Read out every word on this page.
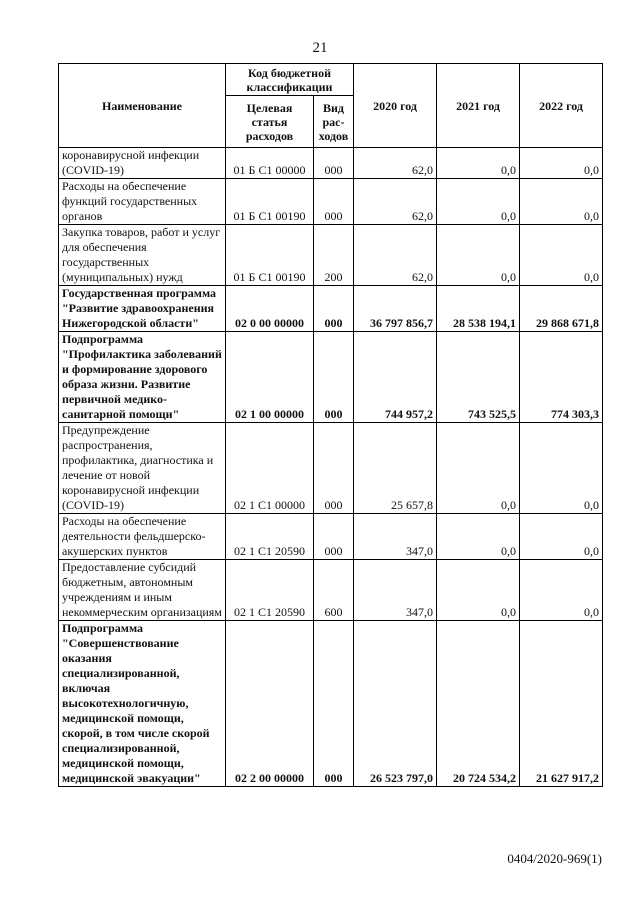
21
Наименование	Код бюджетной классификации		2020 год	2021 год	2022 год
	Целевая статья расходов	Вид рас-ходов			
коронавирусной инфекции (COVID-19)	01 Б С1 00000	000	62,0	0,0	0,0
Расходы на обеспечение функций государственных органов	01 Б С1 00190	000	62,0	0,0	0,0
Закупка товаров, работ и услуг для обеспечения государственных (муниципальных) нужд	01 Б С1 00190	200	62,0	0,0	0,0
Государственная программа "Развитие здравоохранения Нижегородской области"	02 0 00 00000	000	36 797 856,7	28 538 194,1	29 868 671,8
Подпрограмма "Профилактика заболеваний и формирование здорового образа жизни. Развитие первичной медико-санитарной помощи"	02 1 00 00000	000	744 957,2	743 525,5	774 303,3
Предупреждение распространения, профилактика, диагностика и лечение от новой коронавирусной инфекции (COVID-19)	02 1 С1 00000	000	25 657,8	0,0	0,0
Расходы на обеспечение деятельности фельдшерско-акушерских пунктов	02 1 С1 20590	000	347,0	0,0	0,0
Предоставление субсидий бюджетным, автономным учреждениям и иным некоммерческим организациям	02 1 С1 20590	600	347,0	0,0	0,0
Подпрограмма "Совершенствование оказания специализированной, включая высокотехнологичную, медицинской помощи, скорой, в том числе скорой специализированной, медицинской помощи, медицинской эвакуации"	02 2 00 00000	000	26 523 797,0	20 724 534,2	21 627 917,2
0404/2020-969(1)
